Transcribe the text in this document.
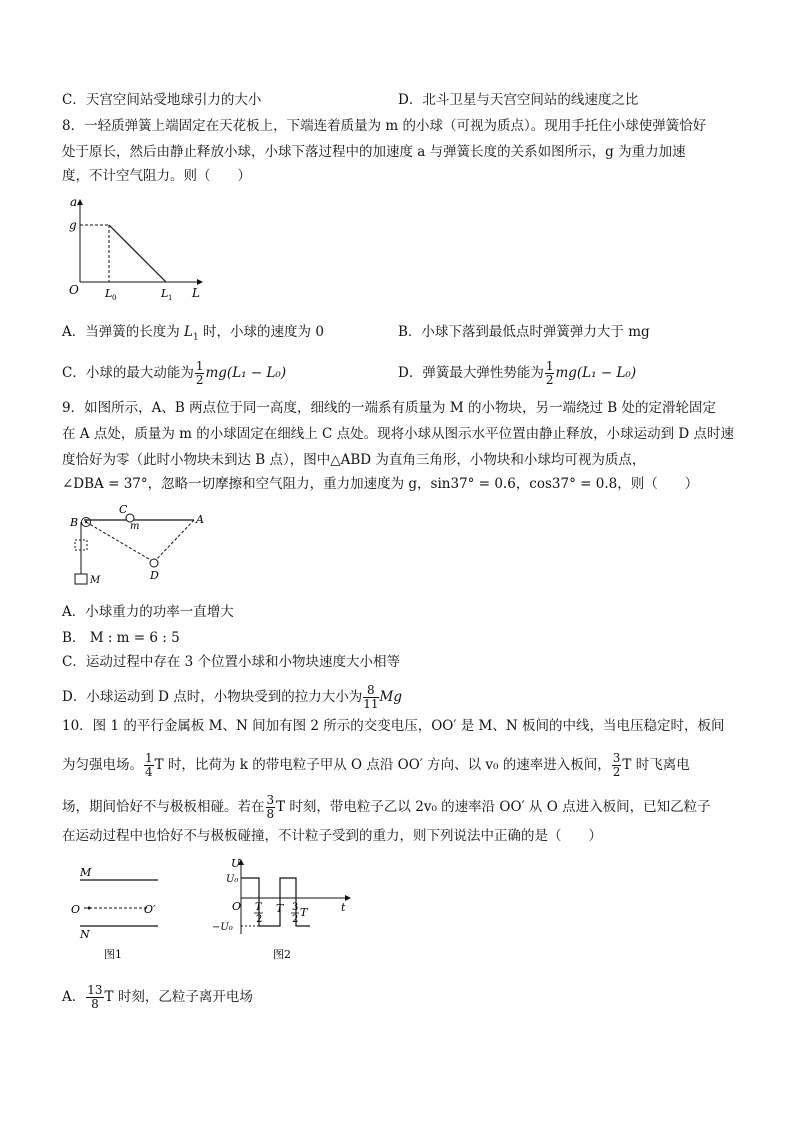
C．天宫空间站受地球引力的大小	D．北斗卫星与天宫空间站的线速度之比
8．一轻质弹簧上端固定在天花板上，下端连着质量为 m 的小球（可视为质点）。现用手托住小球使弹簧恰好
处于原长，然后由静止释放小球，小球下落过程中的加速度 a 与弹簧长度的关系如图所示，g 为重力加速
度，不计空气阻力。则（　　）
a
g
O L 0	L 1 L
A．当弹簧的长度为 $L_1$ 时，小球的速度为 0	B．小球下落到最低点时弹簧弹力大于 mg
C．小球的最大动能为 $\frac{1}{2} mg(L_1 - L_0)$	D．弹簧最大弹性势能为 $\frac{1}{2} mg(L_1 - L_0)$
9．如图所示，A、B 两点位于同一高度，细线的一端系有质量为 M 的小物块，另一端绕过 B 处的定滑轮固定
在 A 点处，质量为 m 的小球固定在细线上 C 点处。现将小球从图示水平位置由静止释放，小球运动到 D 点时速
度恰好为零（此时小物块未到达 B 点），图中△ABD 为直角三角形，小物块和小球均可视为质点，
∠DBA = 37°，忽略一切摩擦和空气阻力，重力加速度为 g，sin37° = 0.6，cos37° = 0.8，则（　　）
B
C
m
A
D
M
A．小球重力的功率一直增大
B． M : m = 6 : 5
C．运动过程中存在 3 个位置小球和小物块速度大小相等
D．小球运动到 D 点时，小物块受到的拉力大小为 $\frac{8}{11}$ Mg
10．图 1 的平行金属板 M、N 间加有图 2 所示的交变电压，OO′ 是 M、N 板间的中线，当电压稳定时，板间
为匀强电场。 $\frac{1}{4}$ T 时，比荷为 k 的带电粒子甲从 O 点沿 OO′ 方向、以 v₀ 的速率进入板间， $\frac{3}{2}$ T 时飞离电
场，期间恰好不与极板相碰。若在 $\frac{3}{8}$ T 时刻，带电粒子乙以 2v₀ 的速率沿 OO′ 从 O 点进入板间，已知乙粒子
在运动过程中也恰好不与极板碰撞，不计粒子受到的重力，则下列说法中正确的是（　　）
M
O	O′
N
图1
U
U₀
−U₀
O T
2
T 3
2
T	t
图2
A． $\frac{13}{8}$ T 时刻，乙粒子离开电场
